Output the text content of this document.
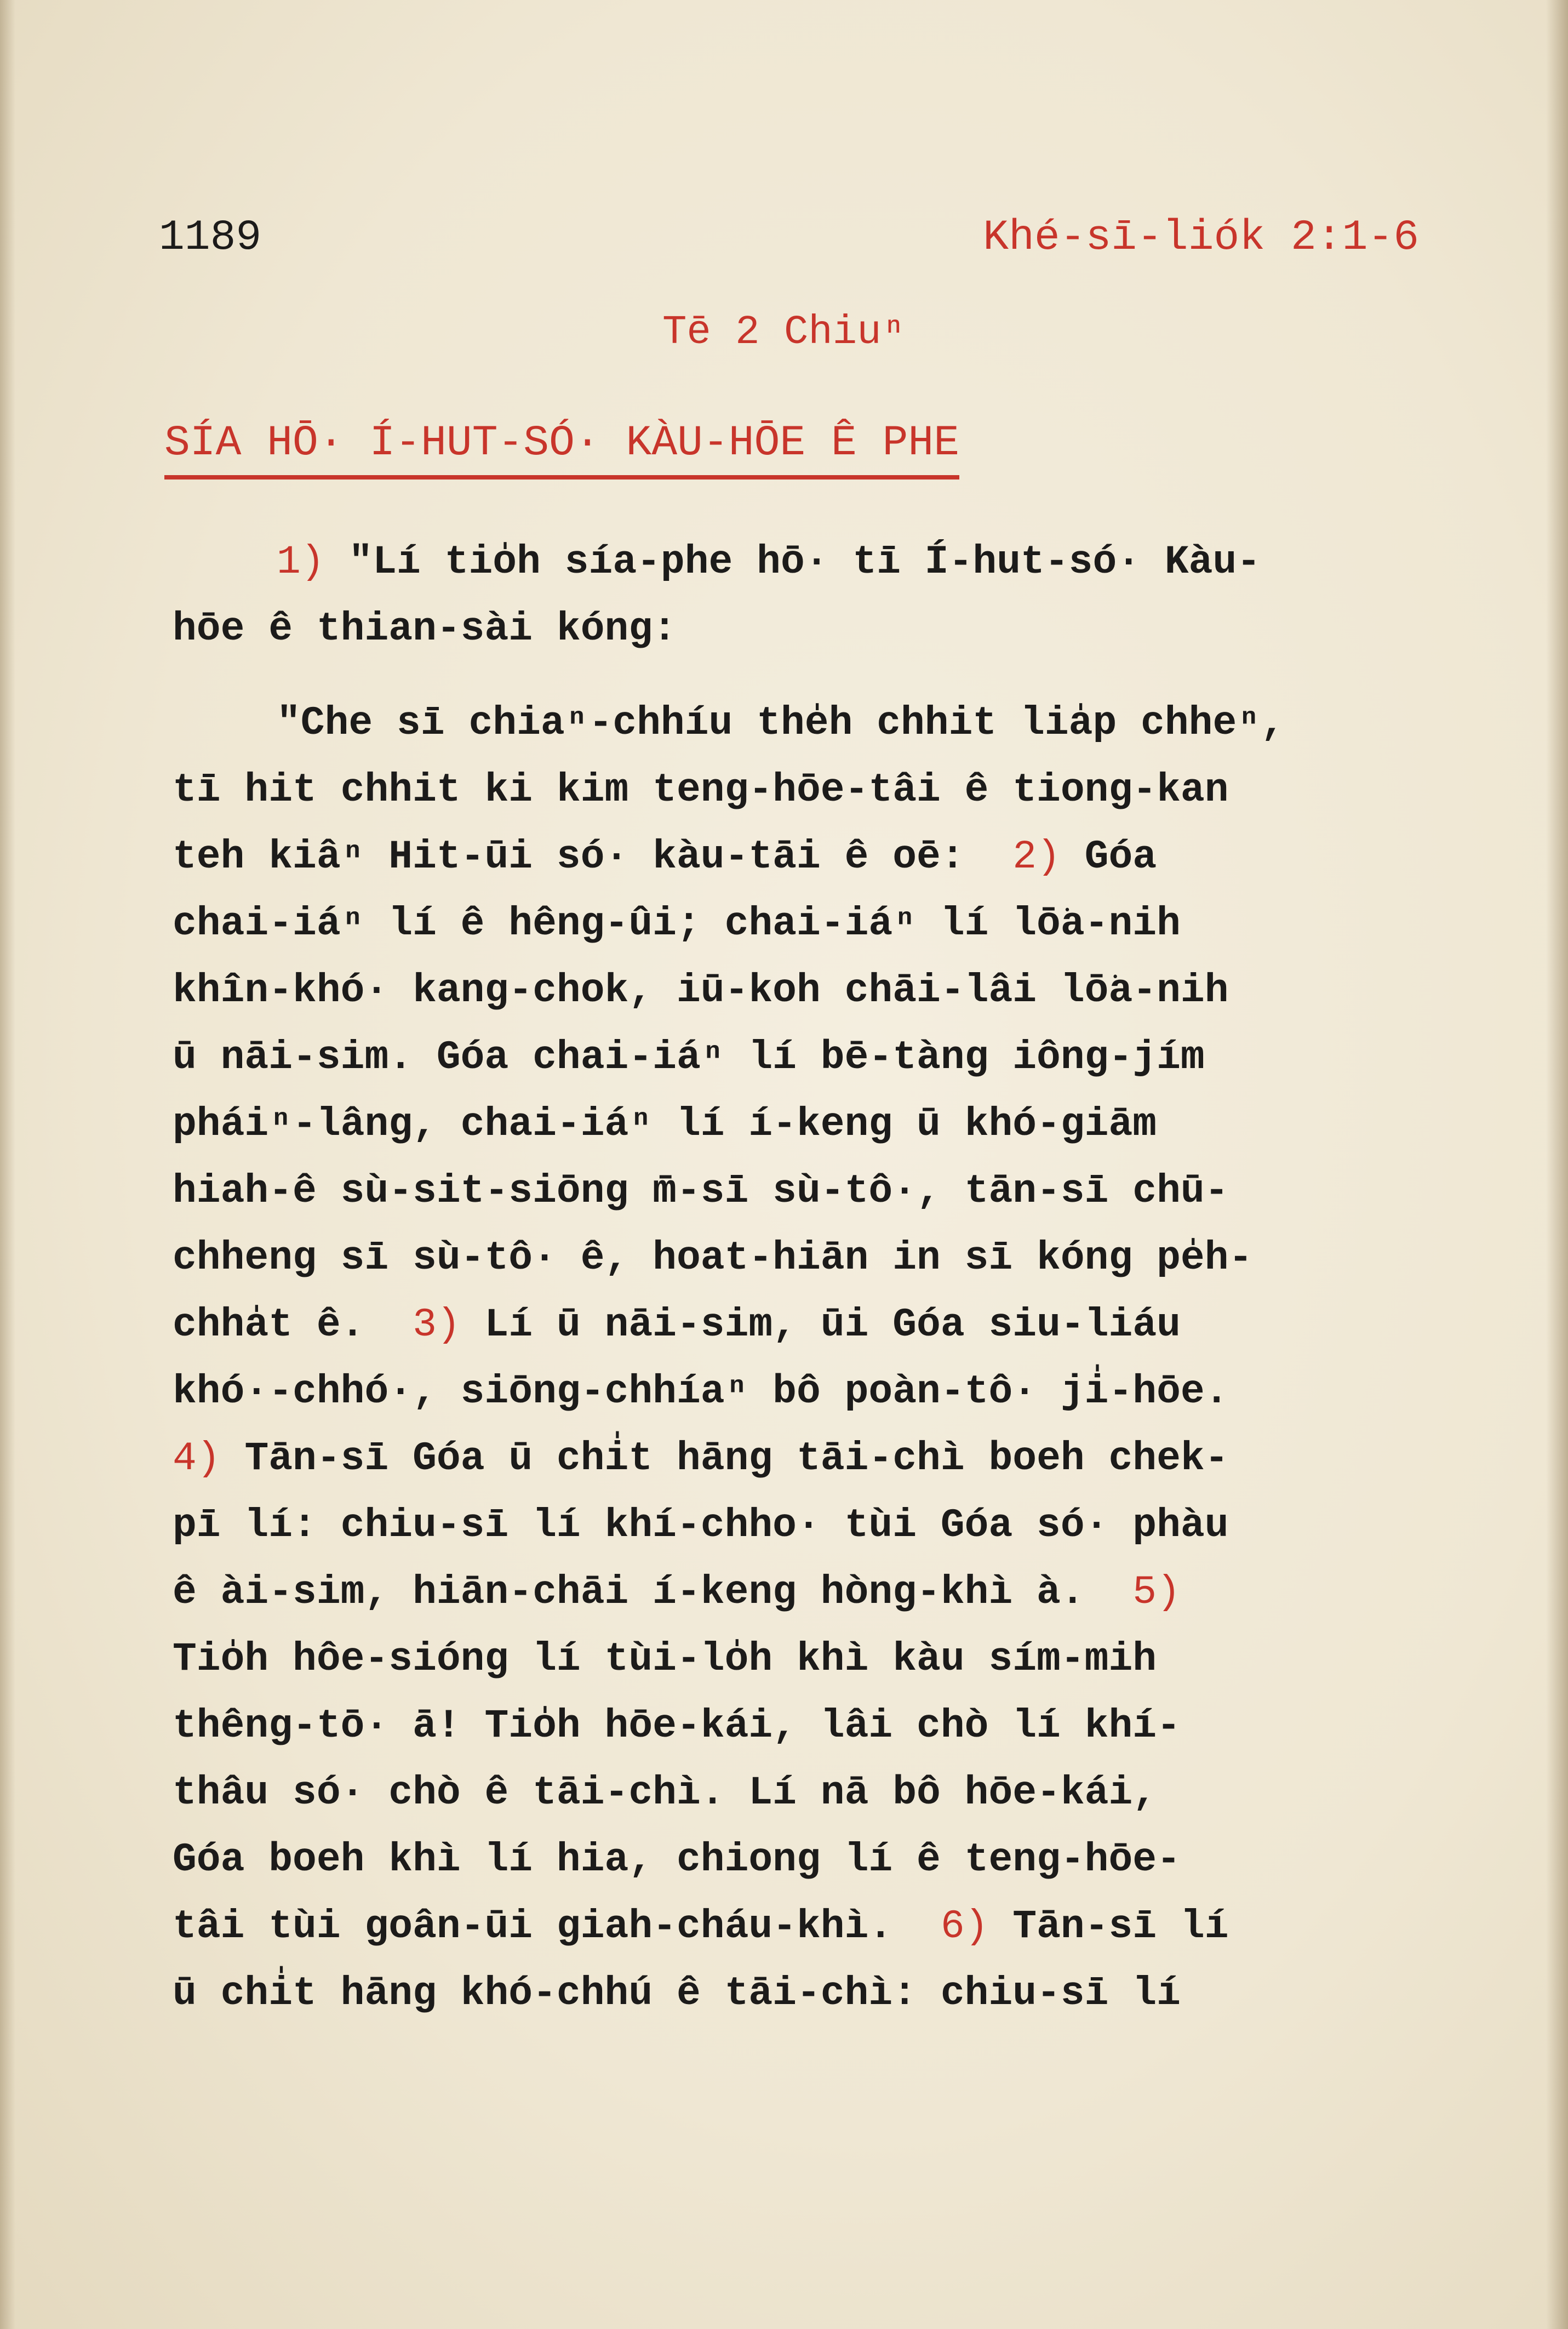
1189	Khé-sī-liók 2:1-6
Tē 2 Chiuⁿ
SÍA HŌ· Í-HUT-SÓ· KÀU-HŌE Ê PHE
1) "Lí tio̍h sía-phe hō· tī Í-hut-só· Kàu-
hōe ê thian-sài kóng:
"Che sī chiaⁿ-chhíu the̍h chhit lia̍p chheⁿ,
tī hit chhit ki kim teng-hōe-tâi ê tiong-kan
teh kiâⁿ Hit-ūi só· kàu-tāi ê oē: 2) Góa
chai-iáⁿ lí ê hêng-ûi; chai-iáⁿ lí lō͘a-nih
khîn-khó· kang-chok, iū-koh chāi-lâi lō͘a-nih
ū nāi-sim. Góa chai-iáⁿ lí bē-tàng iông-jím
pháiⁿ-lâng, chai-iáⁿ lí í-keng ū khó-giām
hiah-ê sù-sit-siōng m̄-sī sù-tô·, tān-sī chū-
chheng sī sù-tô· ê, hoat-hiān in sī kóng pe̍h-
chha̍t ê. 3) Lí ū nāi-sim, ūi Góa siu-liáu
khó·-chhó·, siōng-chhíaⁿ bô poàn-tô· ji̍-hōe.
4) Tān-sī Góa ū chi̍t hāng tāi-chì boeh chek-
pī lí: chiu-sī lí khí-chho· tùi Góa só· phàu
ê ài-sim, hiān-chāi í-keng hòng-khì à. 5)
Tio̍h hôe-sióng lí tùi-lo̍h khì kàu sím-mih
thêng-tō· ā! Tio̍h hōe-kái, lâi chò lí khí-
thâu só· chò ê tāi-chì. Lí nā bô hōe-kái,
Góa boeh khì lí hia, chiong lí ê teng-hōe-
tâi tùi goân-ūi giah-cháu-khì. 6) Tān-sī lí
ū chi̍t hāng khó-chhú ê tāi-chì: chiu-sī lí
